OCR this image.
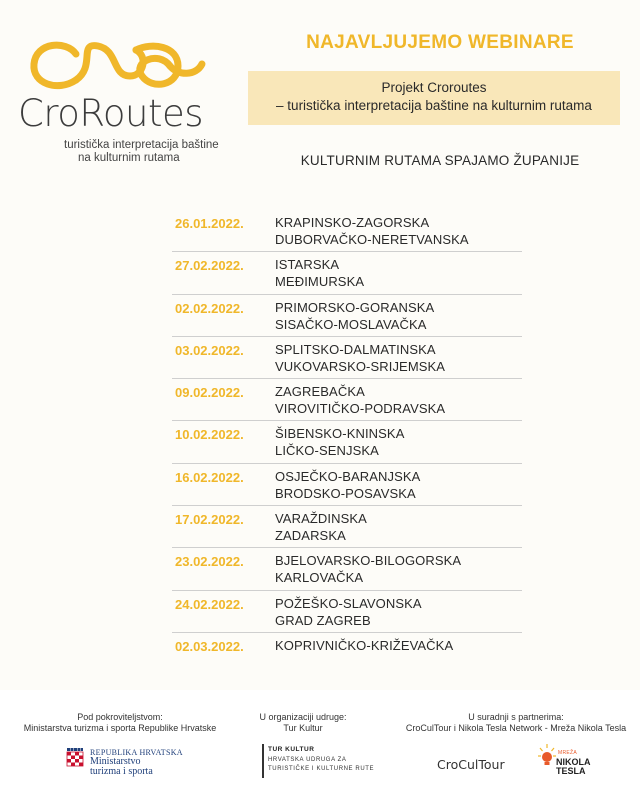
CroRoutes
turistička interpretacija baštine
na kulturnim rutama
NAJAVLJUJEMO WEBINARE
Projekt Croroutes
– turistička interpretacija baštine na kulturnim rutama
KULTURNIM RUTAMA SPAJAMO ŽUPANIJE
26.01.2022.	KRAPINSKO-ZAGORSKA
DUBORVAČKO-NERETVANSKA
27.02.2022.	ISTARSKA
MEĐIMURSKA
02.02.2022.	PRIMORSKO-GORANSKA
SISAČKO-MOSLAVAČKA
03.02.2022.	SPLITSKO-DALMATINSKA
VUKOVARSKO-SRIJEMSKA
09.02.2022.	ZAGREBAČKA
VIROVITIČKO-PODRAVSKA
10.02.2022.	ŠIBENSKO-KNINSKA
LIČKO-SENJSKA
16.02.2022.	OSJEČKO-BARANJSKA
BRODSKO-POSAVSKA
17.02.2022.	VARAŽDINSKA
ZADARSKA
23.02.2022.	BJELOVARSKO-BILOGORSKA
KARLOVAČKA
24.02.2022.	POŽEŠKO-SLAVONSKA
GRAD ZAGREB
02.03.2022.	KOPRIVNIČKO-KRIŽEVAČKA
Pod pokroviteljstvom:
Ministarstva turizma i sporta Republike Hrvatske
U organizaciji udruge:
Tur Kultur
U suradnji s partnerima:
CroCulTour i Nikola Tesla Network - Mreža Nikola Tesla
REPUBLIKA HRVATSKA
Ministarstvo
turizma i sporta
TUR KULTUR
HRVATSKA UDRUGA ZA
TURISTIČKE I KULTURNE RUTE	CroCulTour
MREŽA
NIKOLA
TESLA
